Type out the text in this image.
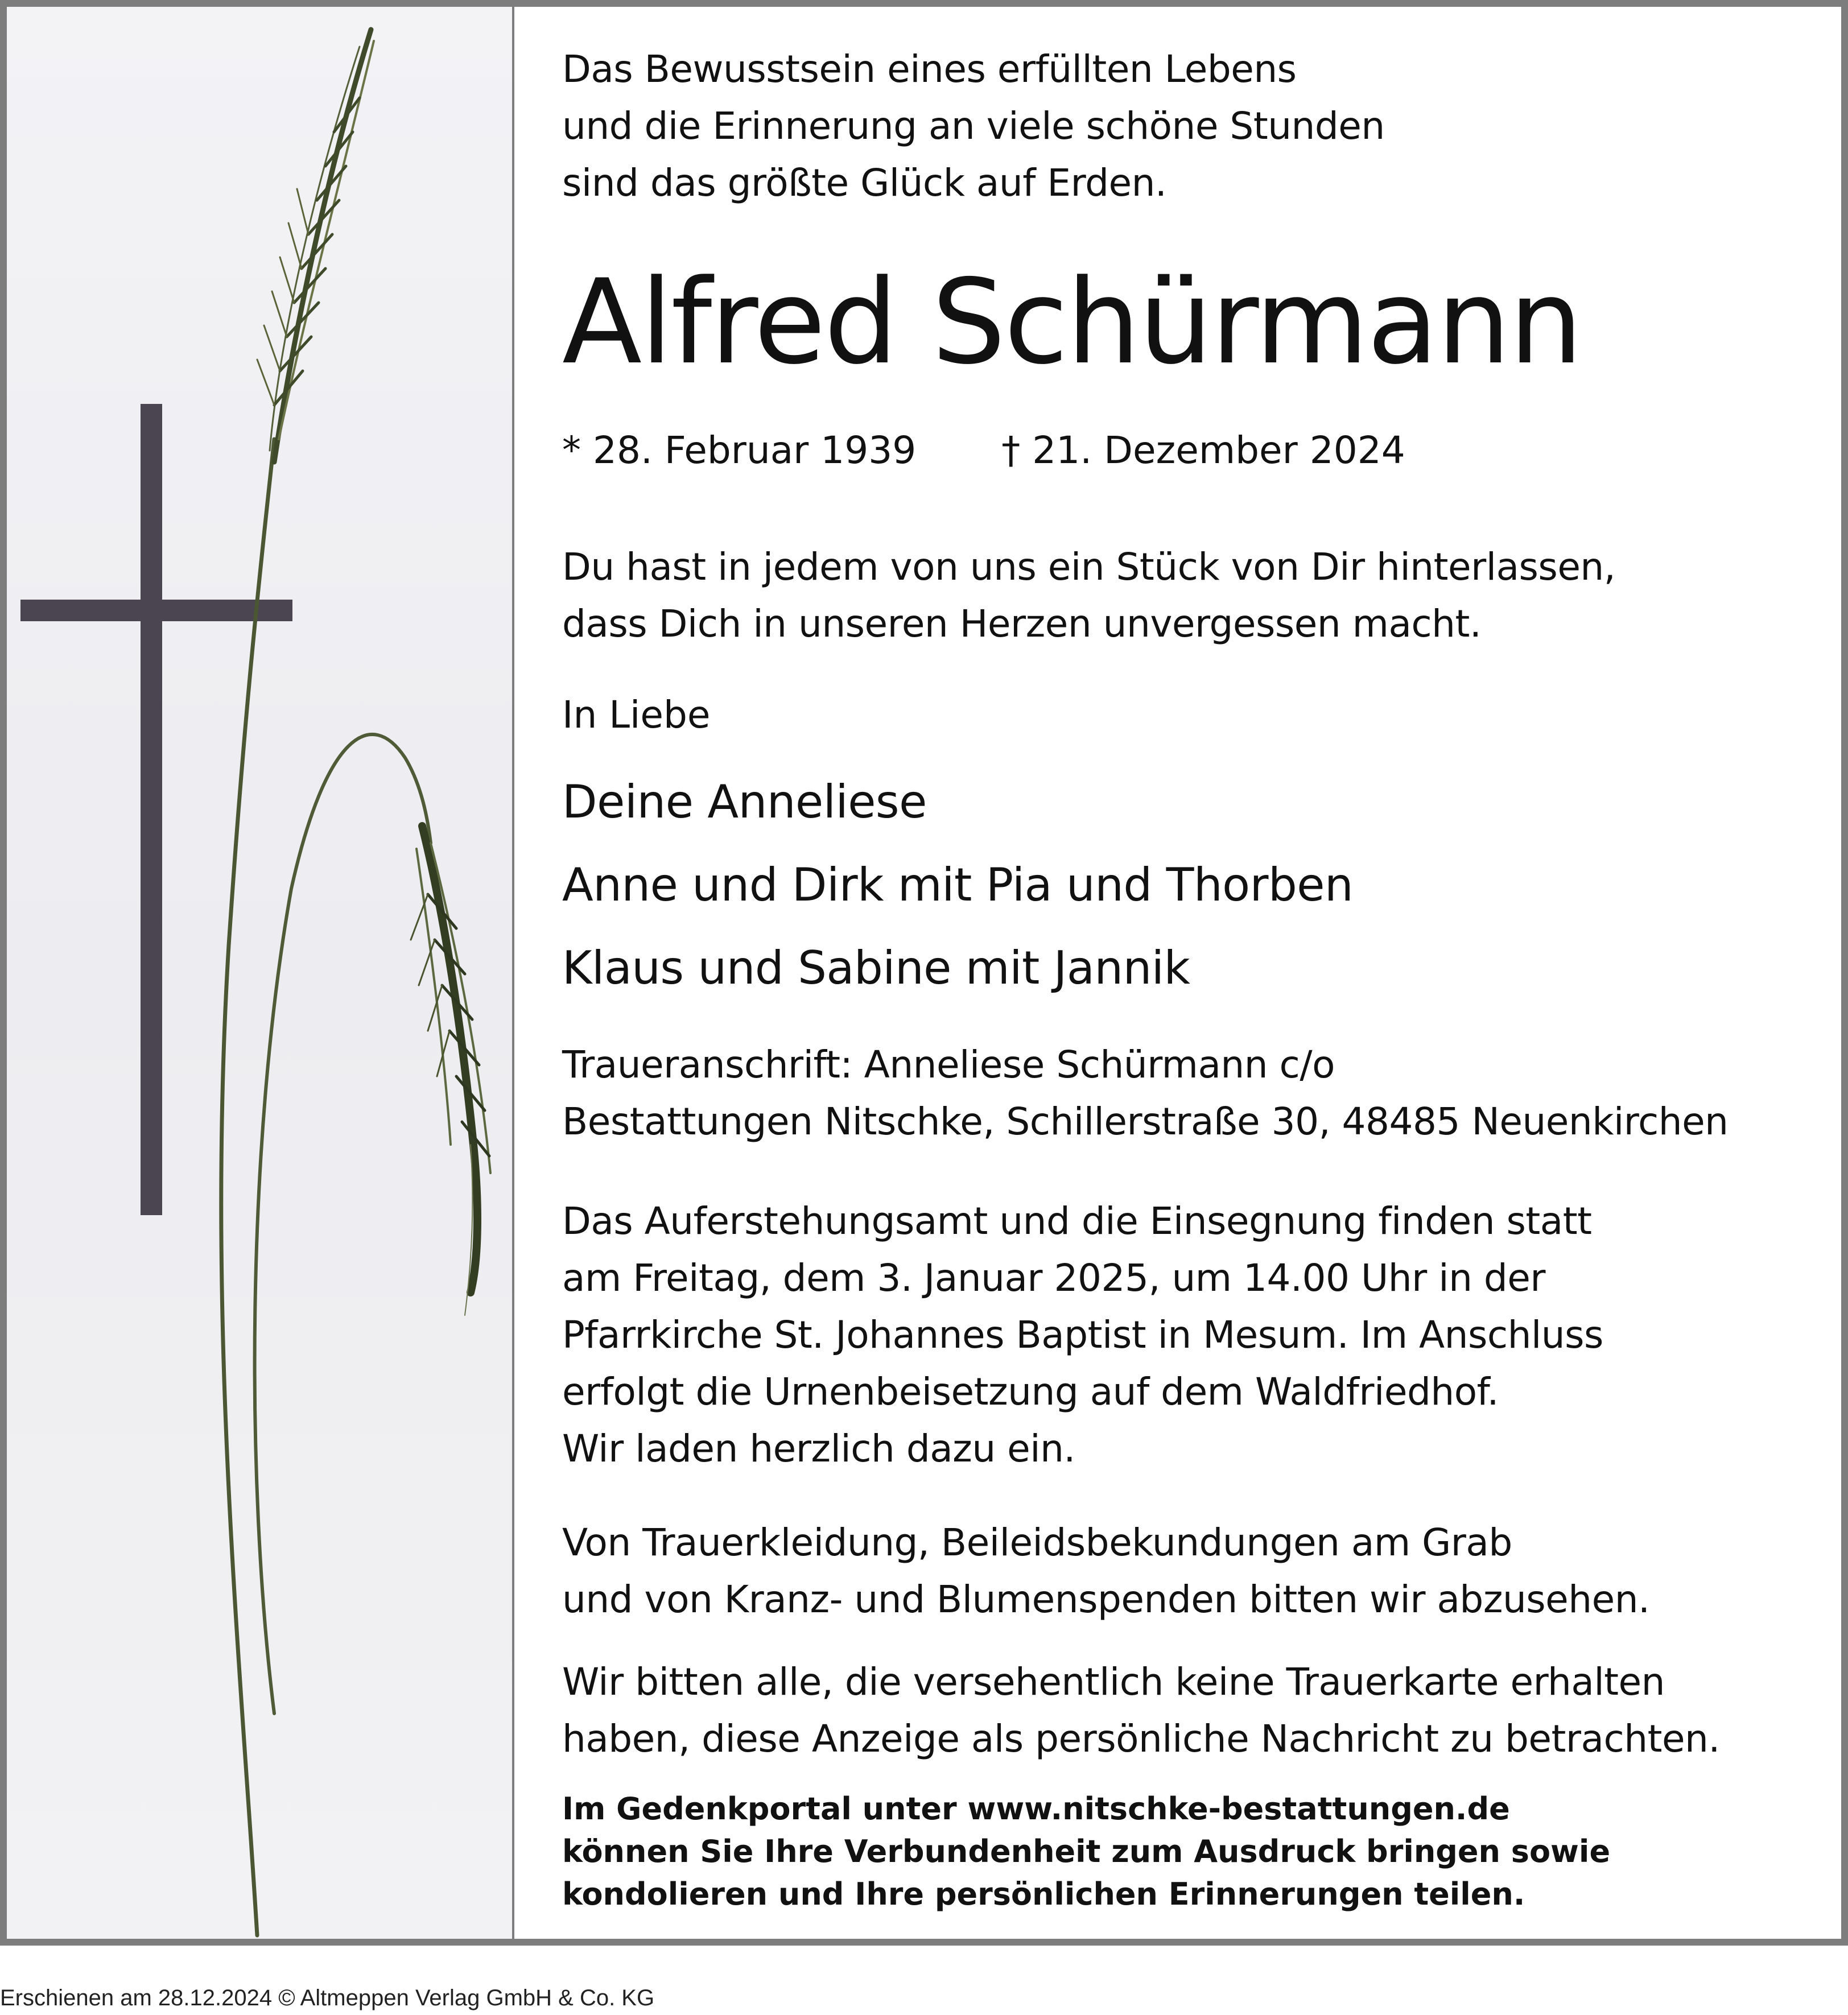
Das Bewusstsein eines erfüllten Lebens
und die Erinnerung an viele schöne Stunden
sind das größte Glück auf Erden.

Alfred Schürmann

* 28. Februar 1939 † 21. Dezember 2024

Du hast in jedem von uns ein Stück von Dir hinterlassen,
dass Dich in unseren Herzen unvergessen macht.

In Liebe

Deine Anneliese
Anne und Dirk mit Pia und Thorben
Klaus und Sabine mit Jannik

Traueranschrift: Anneliese Schürmann c/o
Bestattungen Nitschke, Schillerstraße 30, 48485 Neuenkirchen

Das Auferstehungsamt und die Einsegnung finden statt
am Freitag, dem 3. Januar 2025, um 14.00 Uhr in der
Pfarrkirche St. Johannes Baptist in Mesum. Im Anschluss
erfolgt die Urnenbeisetzung auf dem Waldfriedhof.
Wir laden herzlich dazu ein.

Von Trauerkleidung, Beileidsbekundungen am Grab
und von Kranz- und Blumenspenden bitten wir abzusehen.

Wir bitten alle, die versehentlich keine Trauerkarte erhalten
haben, diese Anzeige als persönliche Nachricht zu betrachten.

Im Gedenkportal unter www.nitschke-bestattungen.de
können Sie Ihre Verbundenheit zum Ausdruck bringen sowie
kondolieren und Ihre persönlichen Erinnerungen teilen.

Erschienen am 28.12.2024 © Altmeppen Verlag GmbH & Co. KG
